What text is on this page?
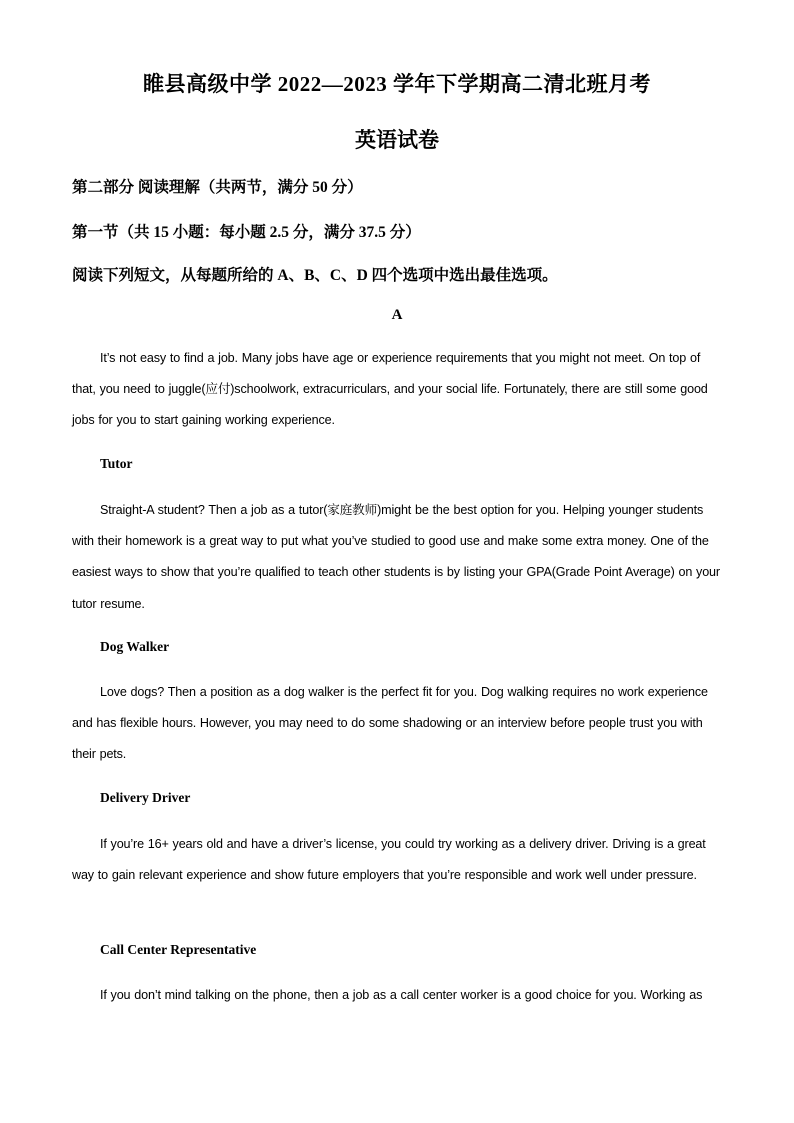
睢县高级中学 2022—2023 学年下学期高二清北班月考
英语试卷
第二部分 阅读理解（共两节，满分 50 分）
第一节（共 15 小题：每小题 2.5 分，满分 37.5 分）
阅读下列短文，从每题所给的 A、B、C、D 四个选项中选出最佳选项。
A
It’s not easy to find a job. Many jobs have age or experience requirements that you might not meet. On top of that, you need to juggle(应付)schoolwork, extracurriculars, and your social life. Fortunately, there are still some good jobs for you to start gaining working experience.
Tutor
Straight-A student? Then a job as a tutor(家庭教师)might be the best option for you. Helping younger students with their homework is a great way to put what you’ve studied to good use and make some extra money. One of the easiest ways to show that you’re qualified to teach other students is by listing your GPA(Grade Point Average) on your tutor resume.
Dog Walker
Love dogs? Then a position as a dog walker is the perfect fit for you. Dog walking requires no work experience and has flexible hours. However, you may need to do some shadowing or an interview before people trust you with their pets.
Delivery Driver
If you’re 16+ years old and have a driver’s license, you could try working as a delivery driver. Driving is a great way to gain relevant experience and show future employers that you’re responsible and work well under pressure.
Call Center Representative
If you don’t mind talking on the phone, then a job as a call center worker is a good choice for you. Working as
